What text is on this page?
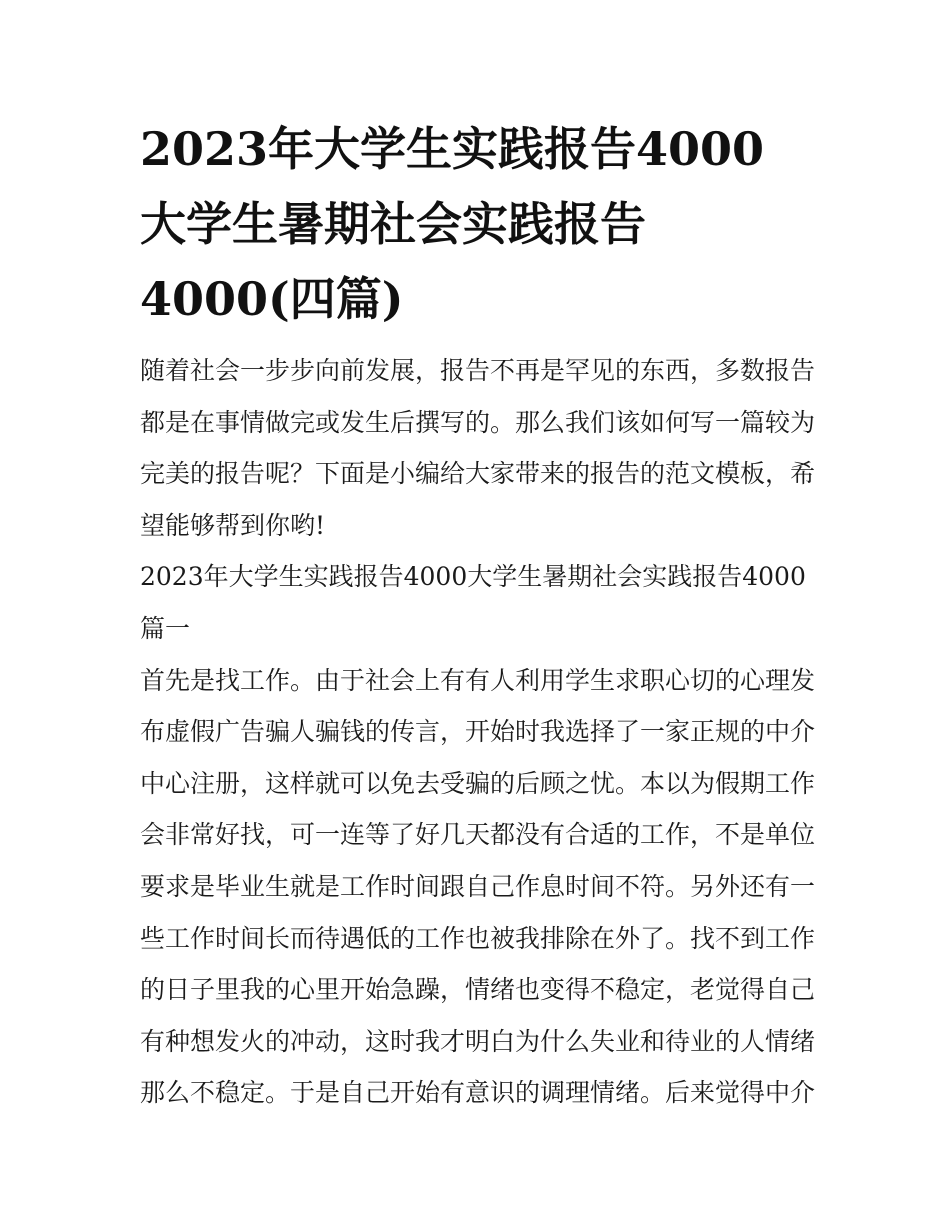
2023年大学生实践报告4000
大学生暑期社会实践报告
4000(四篇)
随着社会一步步向前发展，报告不再是罕见的东西，多数报告
都是在事情做完或发生后撰写的。那么我们该如何写一篇较为
完美的报告呢？下面是小编给大家带来的报告的范文模板，希
望能够帮到你哟!
2023年大学生实践报告4000大学生暑期社会实践报告4000
篇一
首先是找工作。由于社会上有有人利用学生求职心切的心理发
布虚假广告骗人骗钱的传言，开始时我选择了一家正规的中介
中心注册，这样就可以免去受骗的后顾之忧。本以为假期工作
会非常好找，可一连等了好几天都没有合适的工作，不是单位
要求是毕业生就是工作时间跟自己作息时间不符。另外还有一
些工作时间长而待遇低的工作也被我排除在外了。找不到工作
的日子里我的心里开始急躁，情绪也变得不稳定，老觉得自己
有种想发火的冲动，这时我才明白为什么失业和待业的人情绪
那么不稳定。于是自己开始有意识的调理情绪。后来觉得中介
